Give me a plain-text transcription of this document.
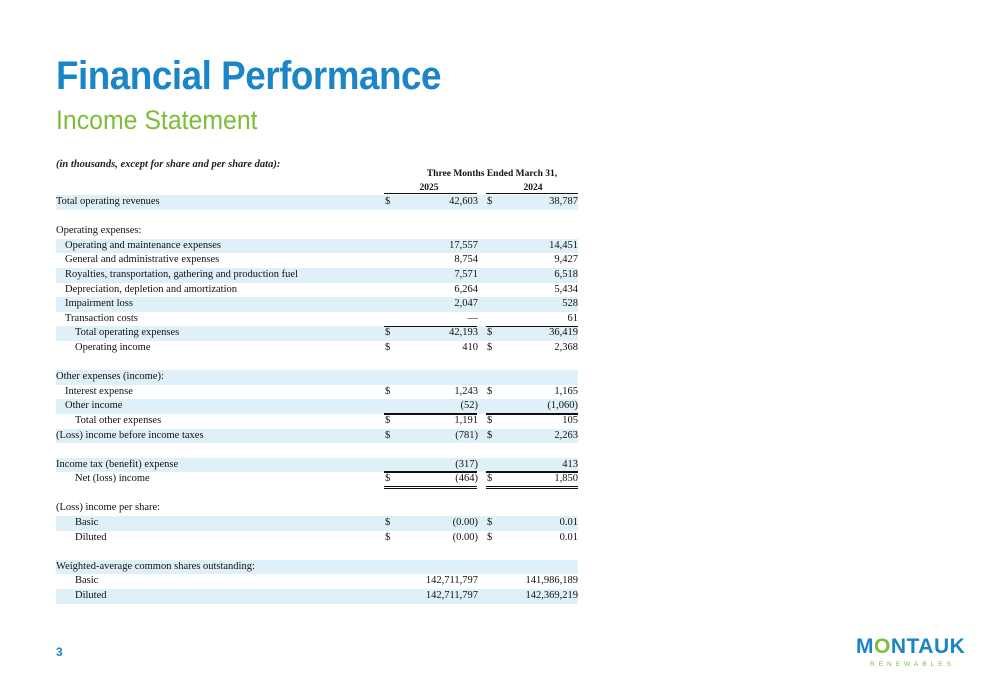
Financial Performance
Income Statement
(in thousands, except for share and per share data):
Three Months Ended March 31,
2025	2024
Total operating revenues	$	42,603 $	38,787
Operating expenses:
Operating and maintenance expenses	17,557	14,451
General and administrative expenses	8,754	9,427
Royalties, transportation, gathering and production fuel	7,571	6,518
Depreciation, depletion and amortization	6,264	5,434
Impairment loss	2,047	528
Transaction costs	—	61
Total operating expenses	$	42,193 $	36,419
Operating income	$	410 $	2,368
Other expenses (income):
Interest expense	$	1,243 $	1,165
Other income	(52)	(1,060)
Total other expenses	$	1,191 $	105
(Loss) income before income taxes	$	(781) $	2,263
Income tax (benefit) expense	(317)	413
Net (loss) income	$	(464) $	1,850
(Loss) income per share:
Basic	$	(0.00) $	0.01
Diluted	$	(0.00) $	0.01
Weighted-average common shares outstanding:
Basic	142,711,797	141,986,189
Diluted	142,711,797	142,369,219
3	MONTAUK
RENEWABLES
